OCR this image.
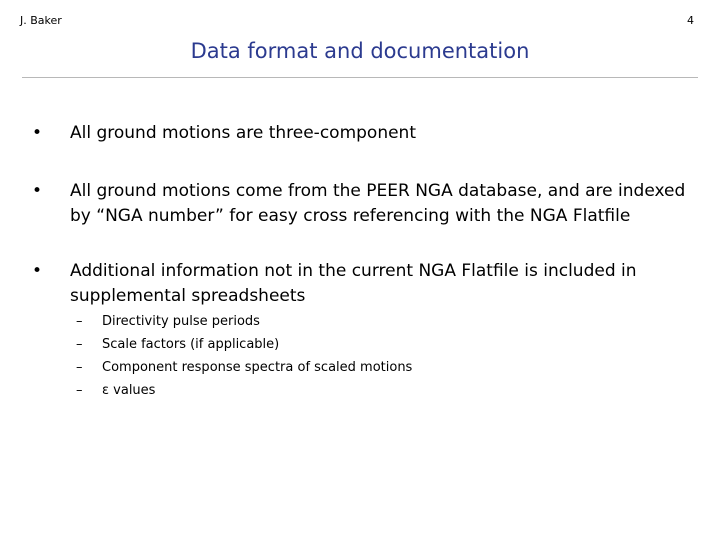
J. Baker	4
Data format and documentation
•	All ground motions are three-component
•	All ground motions come from the PEER NGA database, and are indexed by “NGA number” for easy cross referencing with the NGA Flatfile
•	Additional information not in the current NGA Flatfile is included in supplemental spreadsheets
– Directivity pulse periods
– Scale factors (if applicable)
– Component response spectra of scaled motions
– ε values
